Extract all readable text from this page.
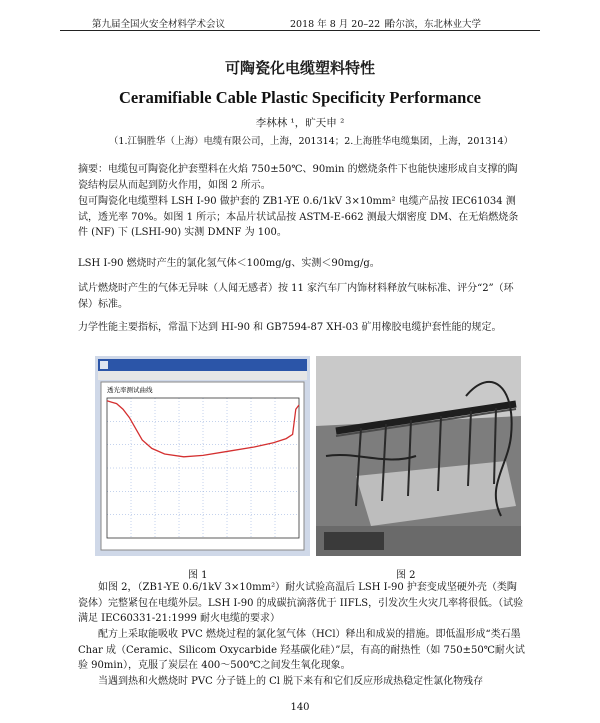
第九届全国火安全材料学术会议	2018 年 8 月 20–22 日
哈尔滨，东北林业大学
可陶瓷化电缆塑料特性
Ceramifiable Cable Plastic Specificity Performance
李林林 ¹，旷天申 ²
（1.江铜胜华（上海）电缆有限公司，上海，201314；2.上海胜华电缆集团，上海，201314）

摘要：电缆包可陶瓷化护套塑料在火焰 750±50℃、90min 的燃烧条件下也能快速形成自支撑的陶瓷结构层从而起到防火作用，如图 2 所示。

包可陶瓷化电缆塑料 LSH I-90 做护套的 ZB1-YE 0.6/1kV 3×10mm² 电缆产品按 IEC61034 测试，透光率 70%。如图 1 所示；本品片状试品按 ASTM-E-662 测最大烟密度 DM、在无焰燃烧条件 (NF) 下 (LSHI-90) 实测 DMNF 为 100。

LSH I-90 燃烧时产生的氯化氢气体＜100mg/g、实测＜90mg/g。

试片燃烧时产生的气体无异味（人闻无感者）按 11 家汽车厂内饰材料释放气味标准、评分“2”（环保）标准。

力学性能主要指标，常温下达到 HI-90 和 GB7594-87 XH-03 矿用橡胶电缆护套性能的规定。

透光率测试曲线
图 1	图 2

如图 2，（ZB1-YE 0.6/1kV 3×10mm²）耐火试验高温后 LSH I-90 护套变成坚硬外壳（类陶瓷体）完整紧包在电缆外层。LSH I-90 的成碳抗滴落优于 IIFLS，引发次生火灾几率将很低。（试验满足 IEC60331-21:1999 耐火电缆的要求）

配方上采取能吸收 PVC 燃烧过程的氯化氢气体（HCl）释出和成炭的措施。即低温形成“类石墨 Char 成（Ceramic、Silicom Oxycarbide 羟基碳化硅）”层，有高的耐热性（如 750±50℃耐火试验 90min），克服了炭层在 400～500℃之间发生氧化现象。

当遇到热和火燃烧时 PVC 分子链上的 Cl 脱下来有和它们反应形成热稳定性氯化物残存

140
